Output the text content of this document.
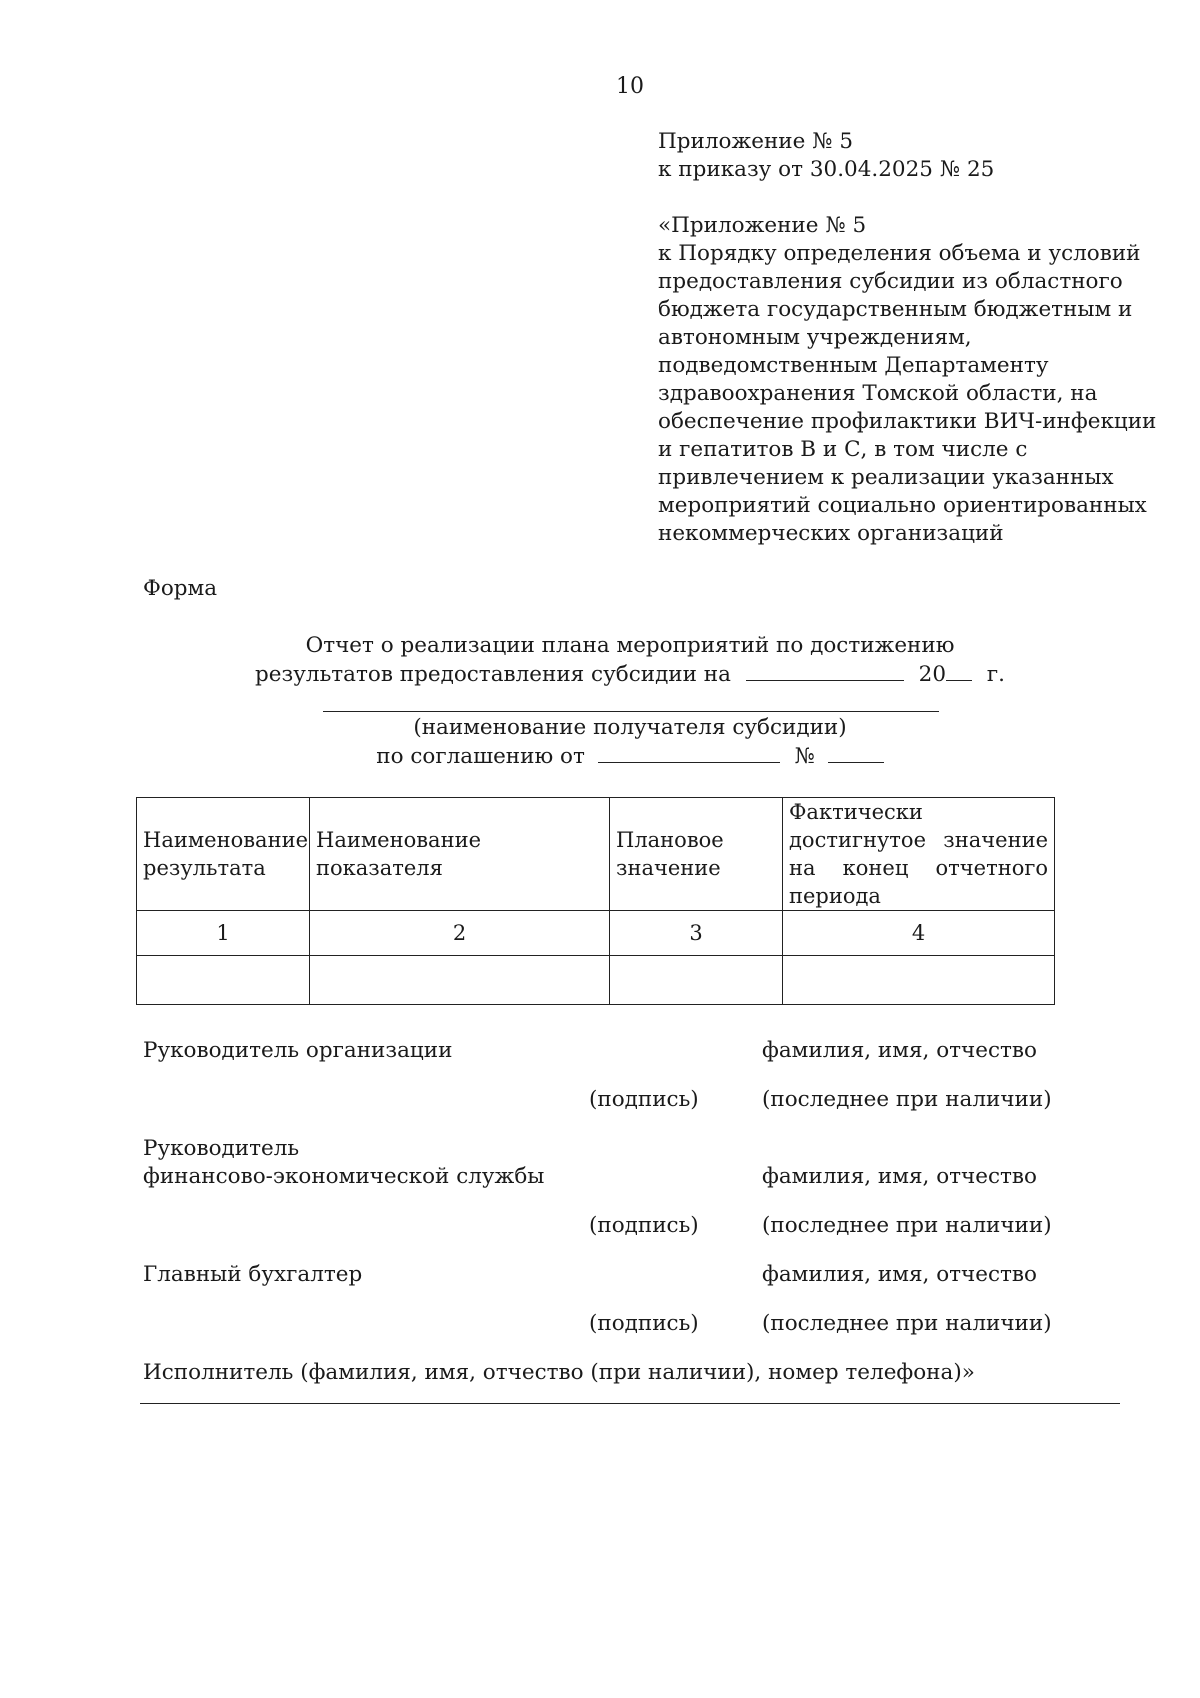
10
Приложение № 5
к приказу от 30.04.2025 № 25
«Приложение № 5
к Порядку определения объема и условий
предоставления субсидии из областного
бюджета государственным бюджетным и
автономным учреждениям,
подведомственным Департаменту
здравоохранения Томской области, на
обеспечение профилактики ВИЧ-инфекции
и гепатитов В и С, в том числе с
привлечением к реализации указанных
мероприятий социально ориентированных
некоммерческих организаций
Форма
Отчет о реализации плана мероприятий по достижению
результатов предоставления субсидии на	20 г.
(наименование получателя субсидии)
по соглашению от	№
Наименование результата	Наименование показателя	Плановое значение	Фактически достигнутое значение на конец отчетного периода
1	2	3	4

Руководитель организации	фамилия, имя, отчество
(подпись)	(последнее при наличии)
Руководитель
финансово-экономической службы	фамилия, имя, отчество
(подпись)	(последнее при наличии)
Главный бухгалтер	фамилия, имя, отчество
(подпись)	(последнее при наличии)
Исполнитель (фамилия, имя, отчество (при наличии), номер телефона)»
